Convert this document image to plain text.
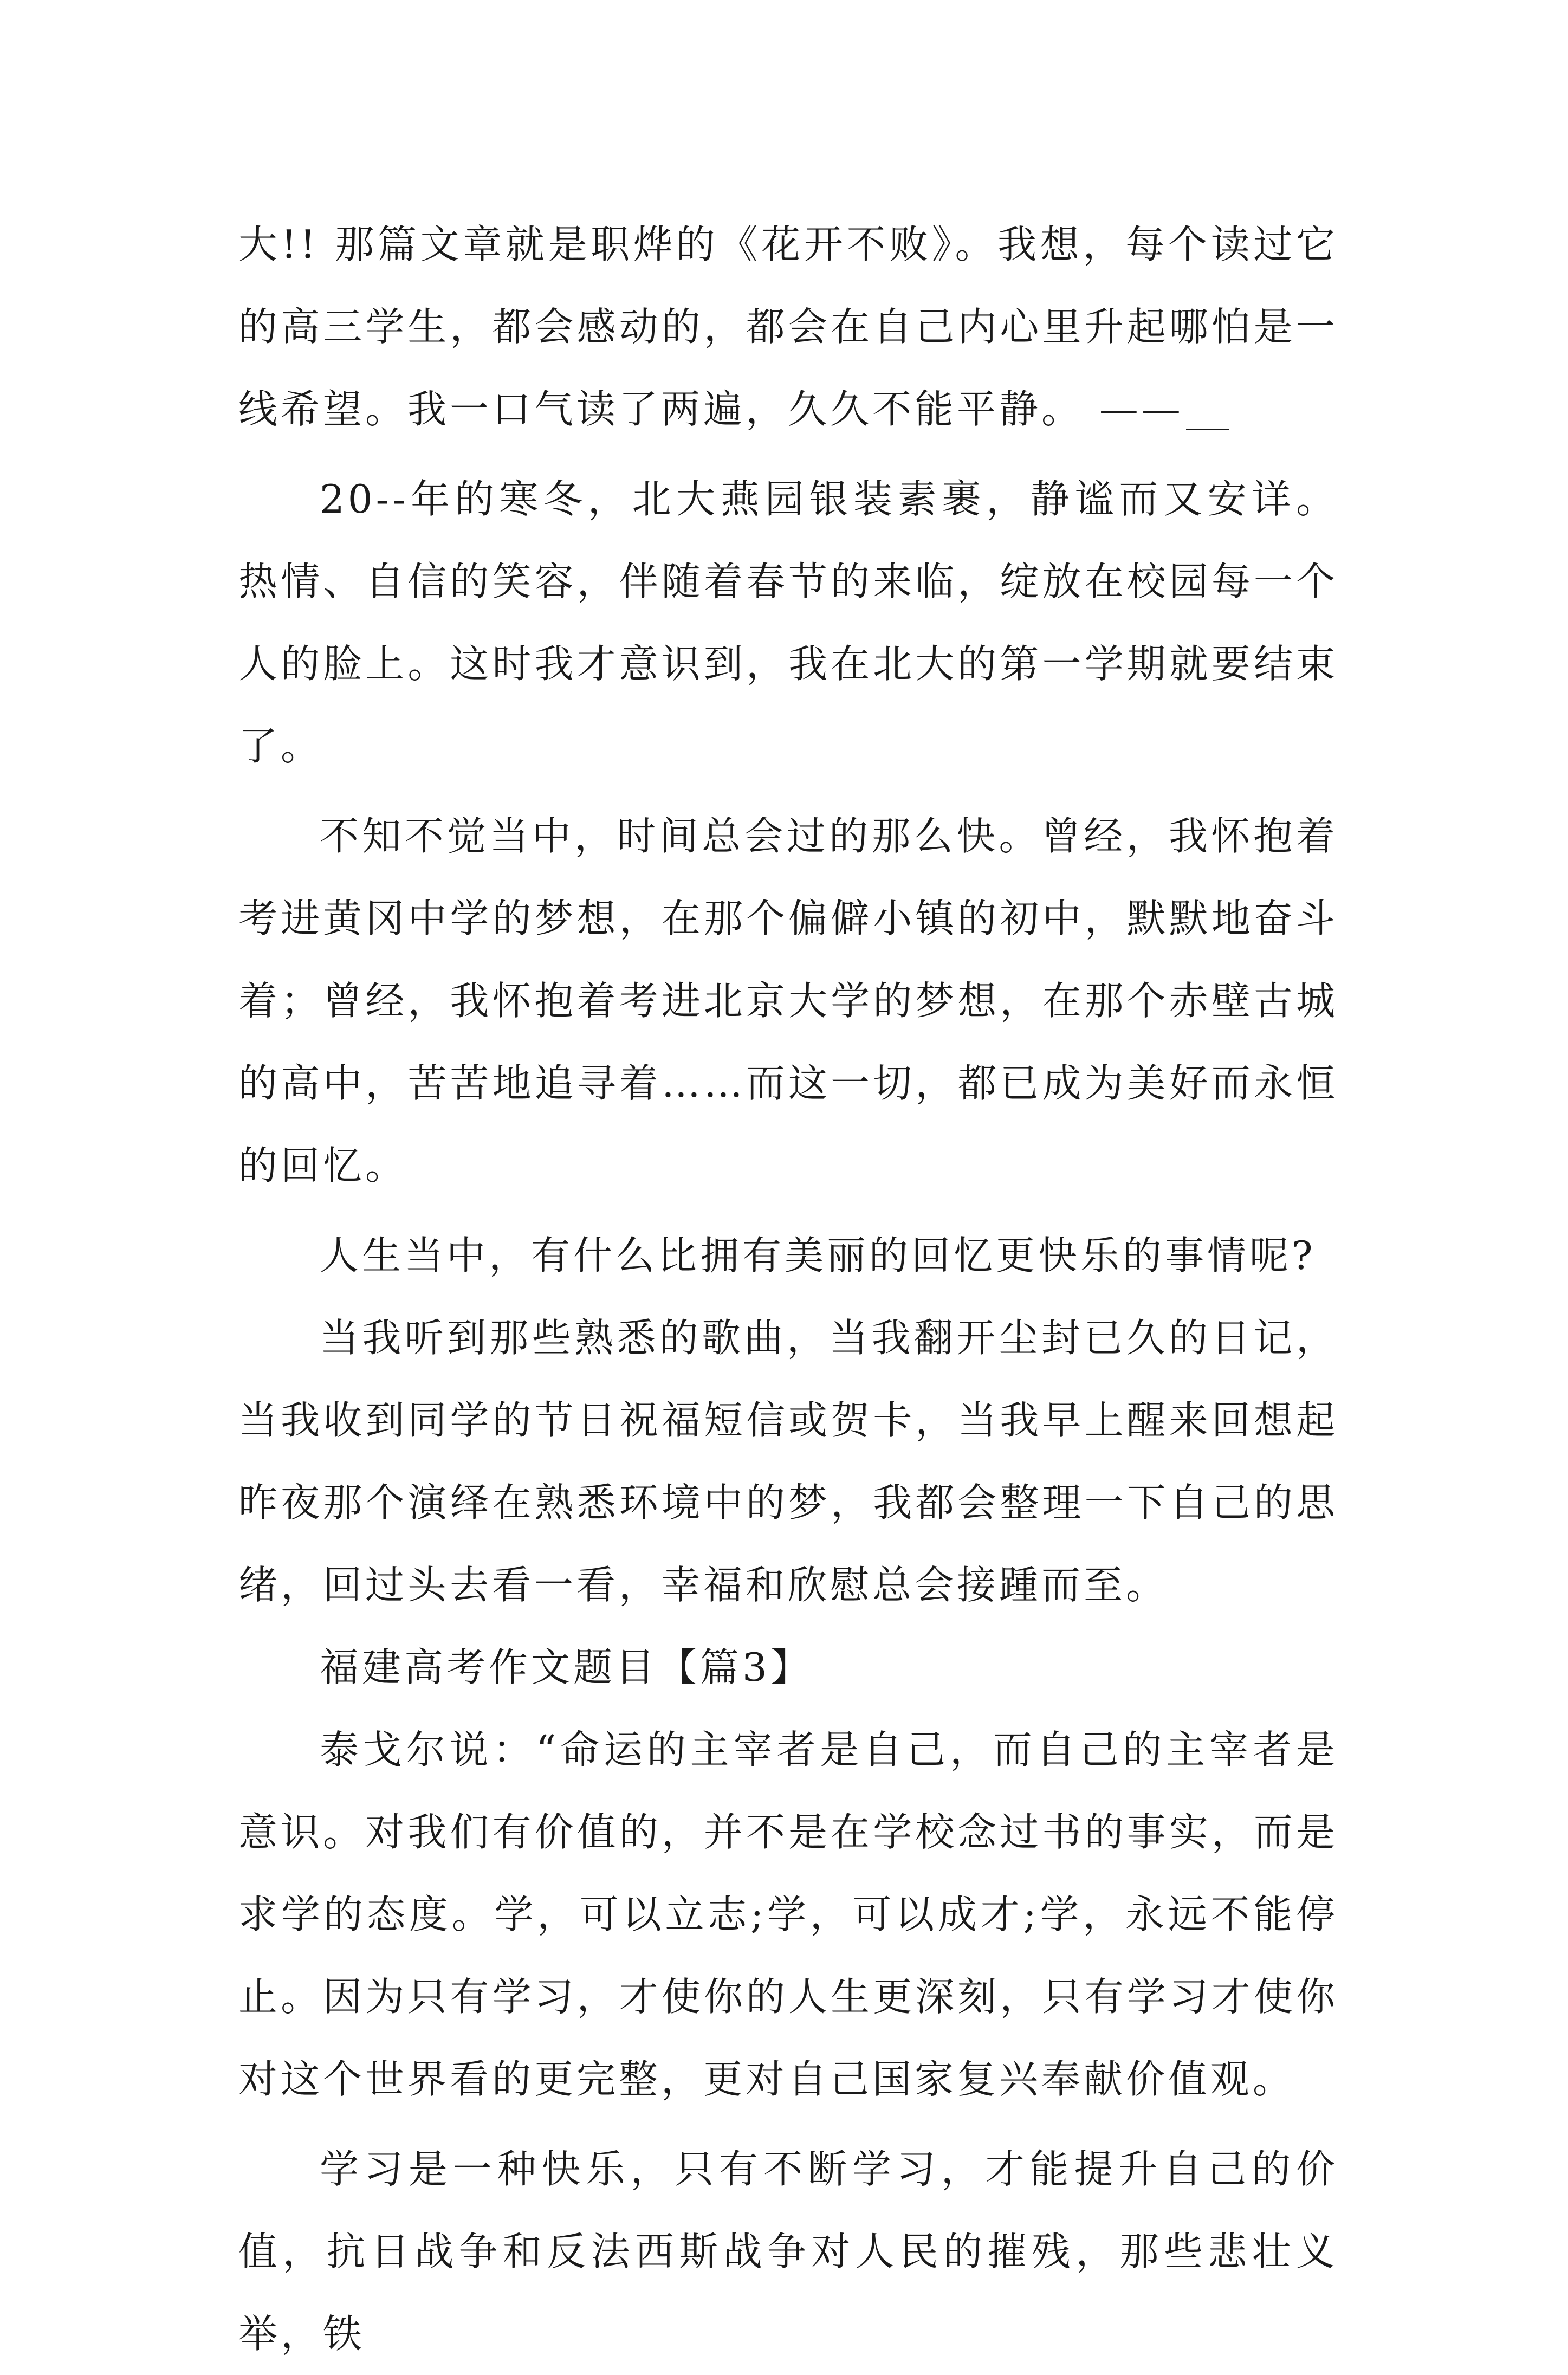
大!! 那篇文章就是职烨的《花开不败》。我想，每个读过它的高三学生，都会感动的，都会在自己内心里升起哪怕是一线希望。我一口气读了两遍，久久不能平静。 ——

20--年的寒冬，北大燕园银装素裹，静谧而又安详。热情、自信的笑容，伴随着春节的来临，绽放在校园每一个人的脸上。这时我才意识到，我在北大的第一学期就要结束了。

不知不觉当中，时间总会过的那么快。曾经，我怀抱着考进黄冈中学的梦想，在那个偏僻小镇的初中，默默地奋斗着；曾经，我怀抱着考进北京大学的梦想，在那个赤壁古城的高中，苦苦地追寻着……而这一切，都已成为美好而永恒的回忆。

人生当中，有什么比拥有美丽的回忆更快乐的事情呢?

当我听到那些熟悉的歌曲，当我翻开尘封已久的日记，当我收到同学的节日祝福短信或贺卡，当我早上醒来回想起昨夜那个演绎在熟悉环境中的梦，我都会整理一下自己的思绪，回过头去看一看，幸福和欣慰总会接踵而至。

福建高考作文题目【篇3】

泰戈尔说：“命运的主宰者是自己，而自己的主宰者是意识。对我们有价值的，并不是在学校念过书的事实，而是求学的态度。学，可以立志;学，可以成才;学，永远不能停止。因为只有学习，才使你的人生更深刻，只有学习才使你对这个世界看的更完整，更对自己国家复兴奉献价值观。

学习是一种快乐，只有不断学习，才能提升自己的价值，抗日战争和反法西斯战争对人民的摧残，那些悲壮义举，铁
